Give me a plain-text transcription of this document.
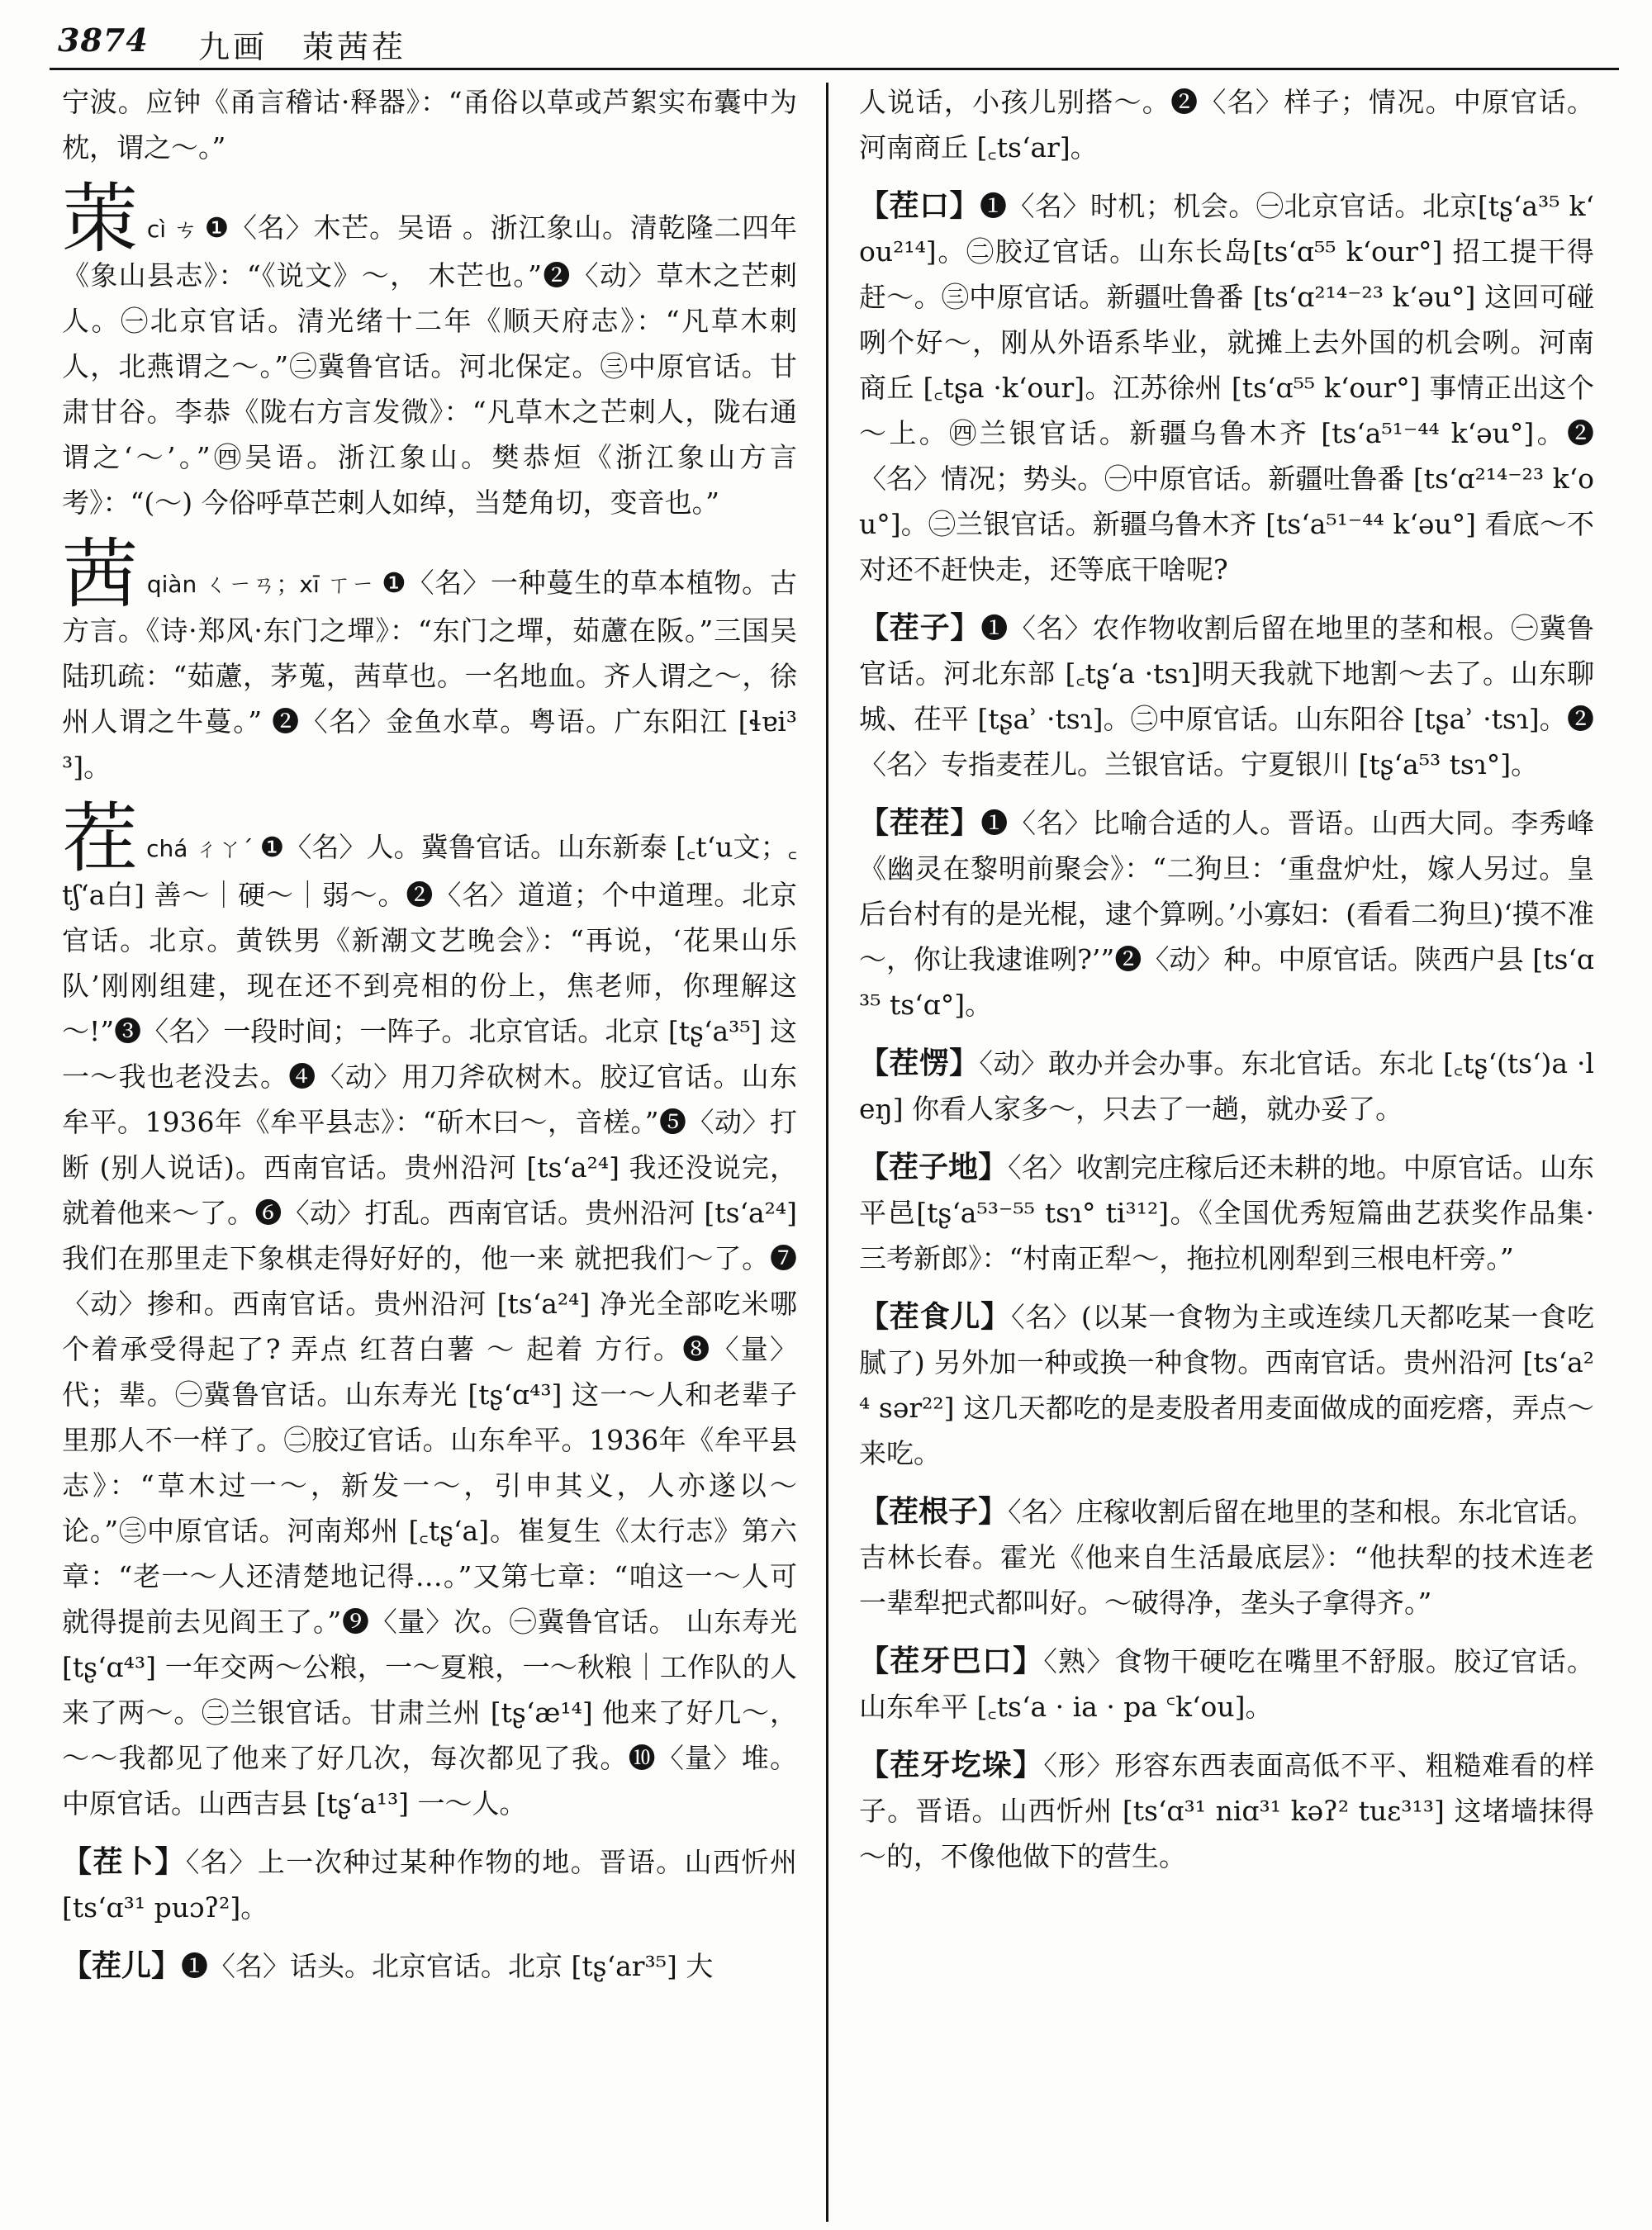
3874 九画　茦茜茬

宁波。应钟《甬言稽诂·释器》：“甬俗以草或芦絮实布囊中为枕，谓之～。”

茦cì ㄘ ❶〈名〉木芒。吴语 。浙江象山。清乾隆二四年《象山县志》：“《说文》～， 木芒也。”❷〈动〉草木之芒刺人。㊀北京官话。清光绪十二年《顺天府志》：“凡草木刺人，北燕谓之～。”㊁冀鲁官话。河北保定。㊂中原官话。甘肃甘谷。李恭《陇右方言发微》：“凡草木之芒刺人，陇右通谓之‘～’。”㊃吴语。浙江象山。樊恭烜《浙江象山方言考》：“(～) 今俗呼草芒刺人如绰，当楚角切，变音也。”

茜qiàn ㄑㄧㄢ；xī ㄒㄧ ❶〈名〉一种蔓生的草本植物。古方言。《诗·郑风·东门之墠》：“东门之墠，茹藘在阪。”三国吴陆玑疏：“茹藘，茅蒐，茜草也。一名地血。齐人谓之～，徐州人谓之牛蔓。” ❷〈名〉金鱼水草。粤语。广东阳江 [ɬɐi³³]。

茬chá ㄔㄚˊ ❶〈名〉人。冀鲁官话。山东新泰 [꜀tʻu文；꜀tʃʻa白] 善～｜硬～｜弱～。❷〈名〉道道；个中道理。北京官话。北京。黄铁男《新潮文艺晚会》：“再说，‘花果山乐队’刚刚组建，现在还不到亮相的份上，焦老师，你理解这～!”❸〈名〉一段时间；一阵子。北京官话。北京 [tʂʻa³⁵] 这一～我也老没去。❹〈动〉用刀斧砍树木。胶辽官话。山东牟平。1936年《牟平县志》：“斫木曰～，音槎。”❺〈动〉打断 (别人说话)。西南官话。贵州沿河 [tsʻa²⁴] 我还没说完，就着他来～了。❻〈动〉打乱。西南官话。贵州沿河 [tsʻa²⁴] 我们在那里走下象棋走得好好的，他一来 就把我们～了。❼〈动〉掺和。西南官话。贵州沿河 [tsʻa²⁴] 净光全部吃米哪个着承受得起了? 弄点 红苕白薯 ～ 起着 方行。❽〈量〉代；辈。㊀冀鲁官话。山东寿光 [tʂʻɑ⁴³] 这一～人和老辈子里那人不一样了。㊁胶辽官话。山东牟平。1936年《牟平县志》：“草木过一～，新发一～，引申其义，人亦遂以～论。”㊂中原官话。河南郑州 [꜀tʂʻa]。崔复生《太行志》第六章：“老一～人还清楚地记得…。”又第七章：“咱这一～人可就得提前去见阎王了。”❾〈量〉次。㊀冀鲁官话。 山东寿光 [tʂʻɑ⁴³] 一年交两～公粮，一～夏粮，一～秋粮｜工作队的人来了两～。㊁兰银官话。甘肃兰州 [tʂʻæ¹⁴] 他来了好几～，～～我都见了他来了好几次，每次都见了我。❿〈量〉堆。中原官话。山西吉县 [tʂʻa¹³] 一～人。

【茬卜】〈名〉上一次种过某种作物的地。晋语。山西忻州 [tsʻɑ³¹ puɔʔ²]。

【茬儿】❶〈名〉话头。北京官话。北京 [tʂʻar³⁵] 大

人说话，小孩儿别搭～。❷〈名〉样子；情况。中原官话。河南商丘 [꜀tsʻar]。

【茬口】❶〈名〉时机；机会。㊀北京官话。北京[tʂʻa³⁵ kʻou²¹⁴]。㊁胶辽官话。山东长岛[tsʻɑ⁵⁵ kʻour°] 招工提干得赶～。㊂中原官话。新疆吐鲁番 [tsʻɑ²¹⁴⁻²³ kʻəu°] 这回可碰咧个好～，刚从外语系毕业，就摊上去外国的机会咧。河南商丘 [꜀tʂa ·kʻour]。江苏徐州 [tsʻɑ⁵⁵ kʻour°] 事情正出这个～上。㊃兰银官话。新疆乌鲁木齐 [tsʻa⁵¹⁻⁴⁴ kʻəu°]。❷〈名〉情况；势头。㊀中原官话。新疆吐鲁番 [tsʻɑ²¹⁴⁻²³ kʻou°]。㊁兰银官话。新疆乌鲁木齐 [tsʻa⁵¹⁻⁴⁴ kʻəu°] 看底～不对还不赶快走，还等底干啥呢?

【茬子】❶〈名〉农作物收割后留在地里的茎和根。㊀冀鲁官话。河北东部 [꜀tʂʻa ·tsɿ]明天我就下地割～去了。山东聊城、茌平 [tʂaʾ ·tsɿ]。㊁中原官话。山东阳谷 [tʂaʾ ·tsɿ]。❷〈名〉专指麦茬儿。兰银官话。宁夏银川 [tʂʻa⁵³ tsɿ°]。

【茬茬】❶〈名〉比喻合适的人。晋语。山西大同。李秀峰《幽灵在黎明前聚会》：“二狗旦：‘重盘炉灶，嫁人另过。皇后台村有的是光棍，逮个算咧。’小寡妇：(看看二狗旦)‘摸不准～，你让我逮谁咧?’”❷〈动〉种。中原官话。陕西户县 [tsʻɑ³⁵ tsʻɑ°]。

【茬愣】〈动〉敢办并会办事。东北官话。东北 [꜀tʂʻ(tsʻ)a ·leŋ] 你看人家多～，只去了一趟，就办妥了。

【茬子地】〈名〉收割完庄稼后还未耕的地。中原官话。山东平邑[tʂʻa⁵³⁻⁵⁵ tsɿ° ti³¹²]。《全国优秀短篇曲艺获奖作品集·三考新郎》：“村南正犁～，拖拉机刚犁到三根电杆旁。”

【茬食儿】〈名〉(以某一食物为主或连续几天都吃某一食吃腻了) 另外加一种或换一种食物。西南官话。贵州沿河 [tsʻa²⁴ sər²²] 这几天都吃的是麦股者用麦面做成的面疙瘩，弄点～来吃。

【茬根子】〈名〉庄稼收割后留在地里的茎和根。东北官话。吉林长春。霍光《他来自生活最底层》：“他扶犁的技术连老一辈犁把式都叫好。～破得净，垄头子拿得齐。”

【茬牙巴口】〈熟〉食物干硬吃在嘴里不舒服。胶辽官话。山东牟平 [꜀tsʻa · ia · pa ꜂kʻou]。

【茬牙圪垛】〈形〉形容东西表面高低不平、粗糙难看的样子。晋语。山西忻州 [tsʻɑ³¹ niɑ³¹ kəʔ² tuɛ³¹³] 这堵墙抹得～的，不像他做下的营生。
